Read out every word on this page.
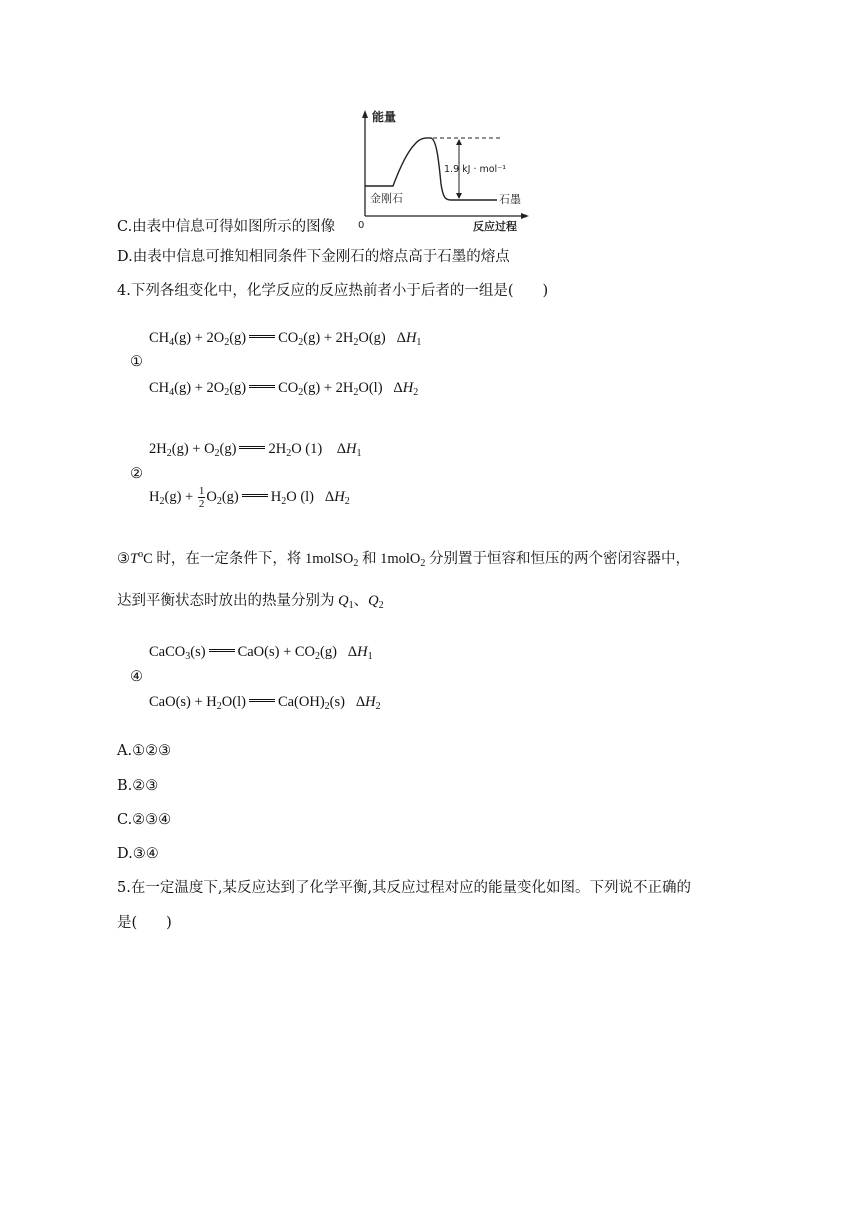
能量
0	反应过程
1.9 kJ · mol⁻¹
金刚石	石墨
C.由表中信息可得如图所示的图像
D.由表中信息可推知相同条件下金刚石的熔点高于石墨的熔点
4.下列各组变化中，化学反应的反应热前者小于后者的一组是(　　)
$CH_4(g) + 2O_2(g) CO_2(g) + 2H_2O(g)$   $\Delta H_1$
①
$CH_4(g) + 2O_2(g) CO_2(g) + 2H_2O(l)$   $\Delta H_2$
$2H_2(g) + O_2(g)$ $2H_2O$ (1)    $\Delta H_1$
②
$H_2(g) + \frac{1}{2} O_2(g)$ $H_2O$ (l)   $\Delta H_2$
$③T^oC$ 时，在一定条件下，将 1molSO$_2$ 和 1molO$_2$ 分别置于恒容和恒压的两个密闭容器中，
达到平衡状态时放出的热量分别为 $Q_1$、$Q_2$
CaCO$_3$(s) $CaO(s) + CO_2(g)$   $\Delta H_1$
④
$CaO(s) + H_2O(l)$ $Ca(OH)_2(s)$   $\Delta H_2$
A.①②③
B.②③
C.②③④
D.③④
5.在一定温度下,某反应达到了化学平衡,其反应过程对应的能量变化如图。下列说不正确的
是(　　)
